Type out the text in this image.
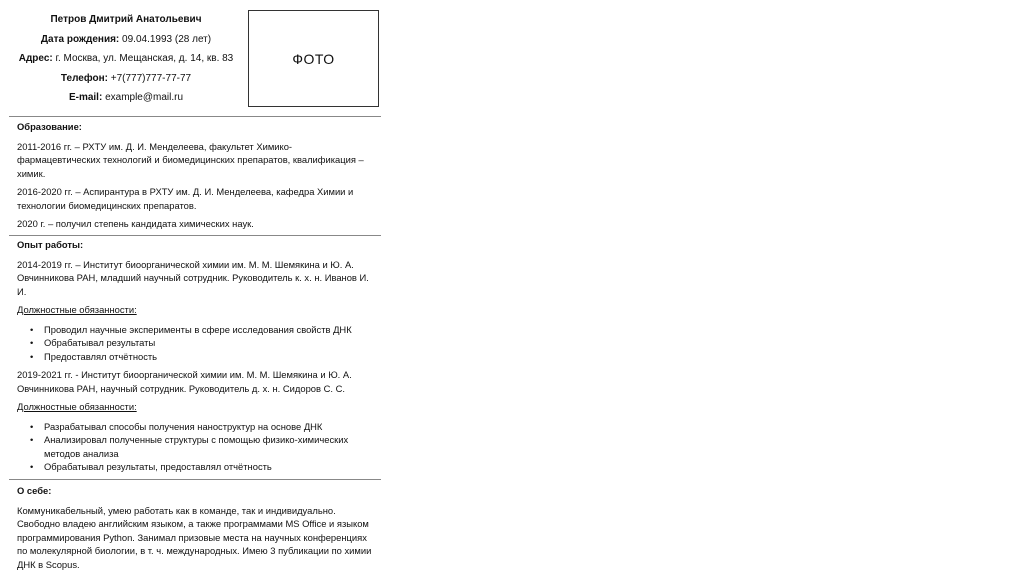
Петров Дмитрий Анатольевич
Дата рождения: 09.04.1993 (28 лет)
Адрес: г. Москва, ул. Мещанская, д. 14, кв. 83
Телефон: +7(777)777-77-77
E-mail: example@mail.ru
ФОТО
Образование:
2011-2016 гг. – РХТУ им. Д. И. Менделеева, факультет Химико-фармацевтических технологий и биомедицинских препаратов, квалификация – химик.
2016-2020 гг. – Аспирантура в РХТУ им. Д. И. Менделеева, кафедра Химии и технологии биомедицинских препаратов.
2020 г. – получил степень кандидата химических наук.
Опыт работы:
2014-2019 гг. – Институт биоорганической химии им. М. М. Шемякина и Ю. А. Овчинникова РАН, младший научный сотрудник. Руководитель к. х. н. Иванов И. И.
Должностные обязанности:
• Проводил научные эксперименты в сфере исследования свойств ДНК
• Обрабатывал результаты
• Предоставлял отчётность
2019-2021 гг. - Институт биоорганической химии им. М. М. Шемякина и Ю. А. Овчинникова РАН, научный сотрудник. Руководитель д. х. н. Сидоров С. С.
Должностные обязанности:
• Разрабатывал способы получения наноструктур на основе ДНК
• Анализировал полученные структуры с помощью физико-химических методов анализа
• Обрабатывал результаты, предоставлял отчётность
О себе:
Коммуникабельный, умею работать как в команде, так и индивидуально. Свободно владею английским языком, а также программами MS Office и языком программирования Python. Занимал призовые места на научных конференциях по молекулярной биологии, в т. ч. международных. Имею 3 публикации по химии ДНК в Scopus.
